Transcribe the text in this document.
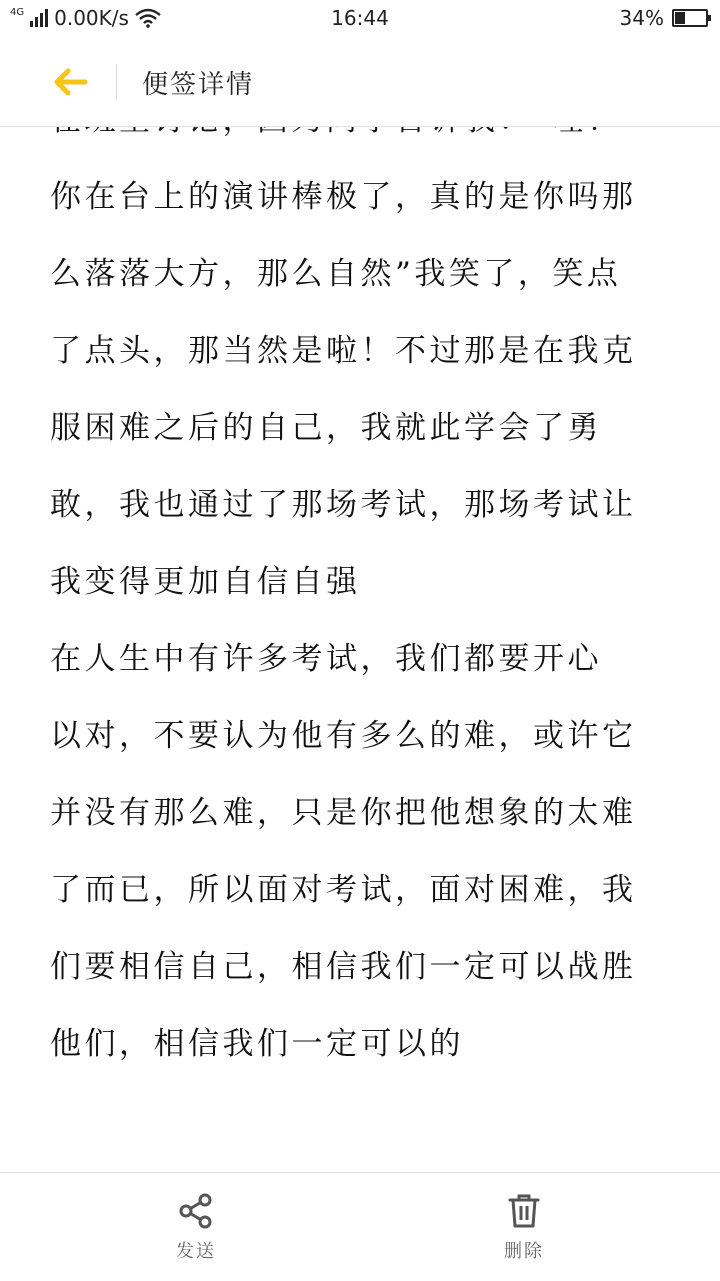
4G 0.00K/s	16:44	34%
便签详情
你在台上的演讲棒极了，真的是你吗那
么落落大方，那么自然”我笑了，笑点
了点头，那当然是啦！不过那是在我克
服困难之后的自己，我就此学会了勇
敢，我也通过了那场考试，那场考试让
我变得更加自信自强
在人生中有许多考试，我们都要开心
以对，不要认为他有多么的难，或许它
并没有那么难，只是你把他想象的太难
了而已，所以面对考试，面对困难，我
们要相信自己，相信我们一定可以战胜
他们，相信我们一定可以的
发送	删除
